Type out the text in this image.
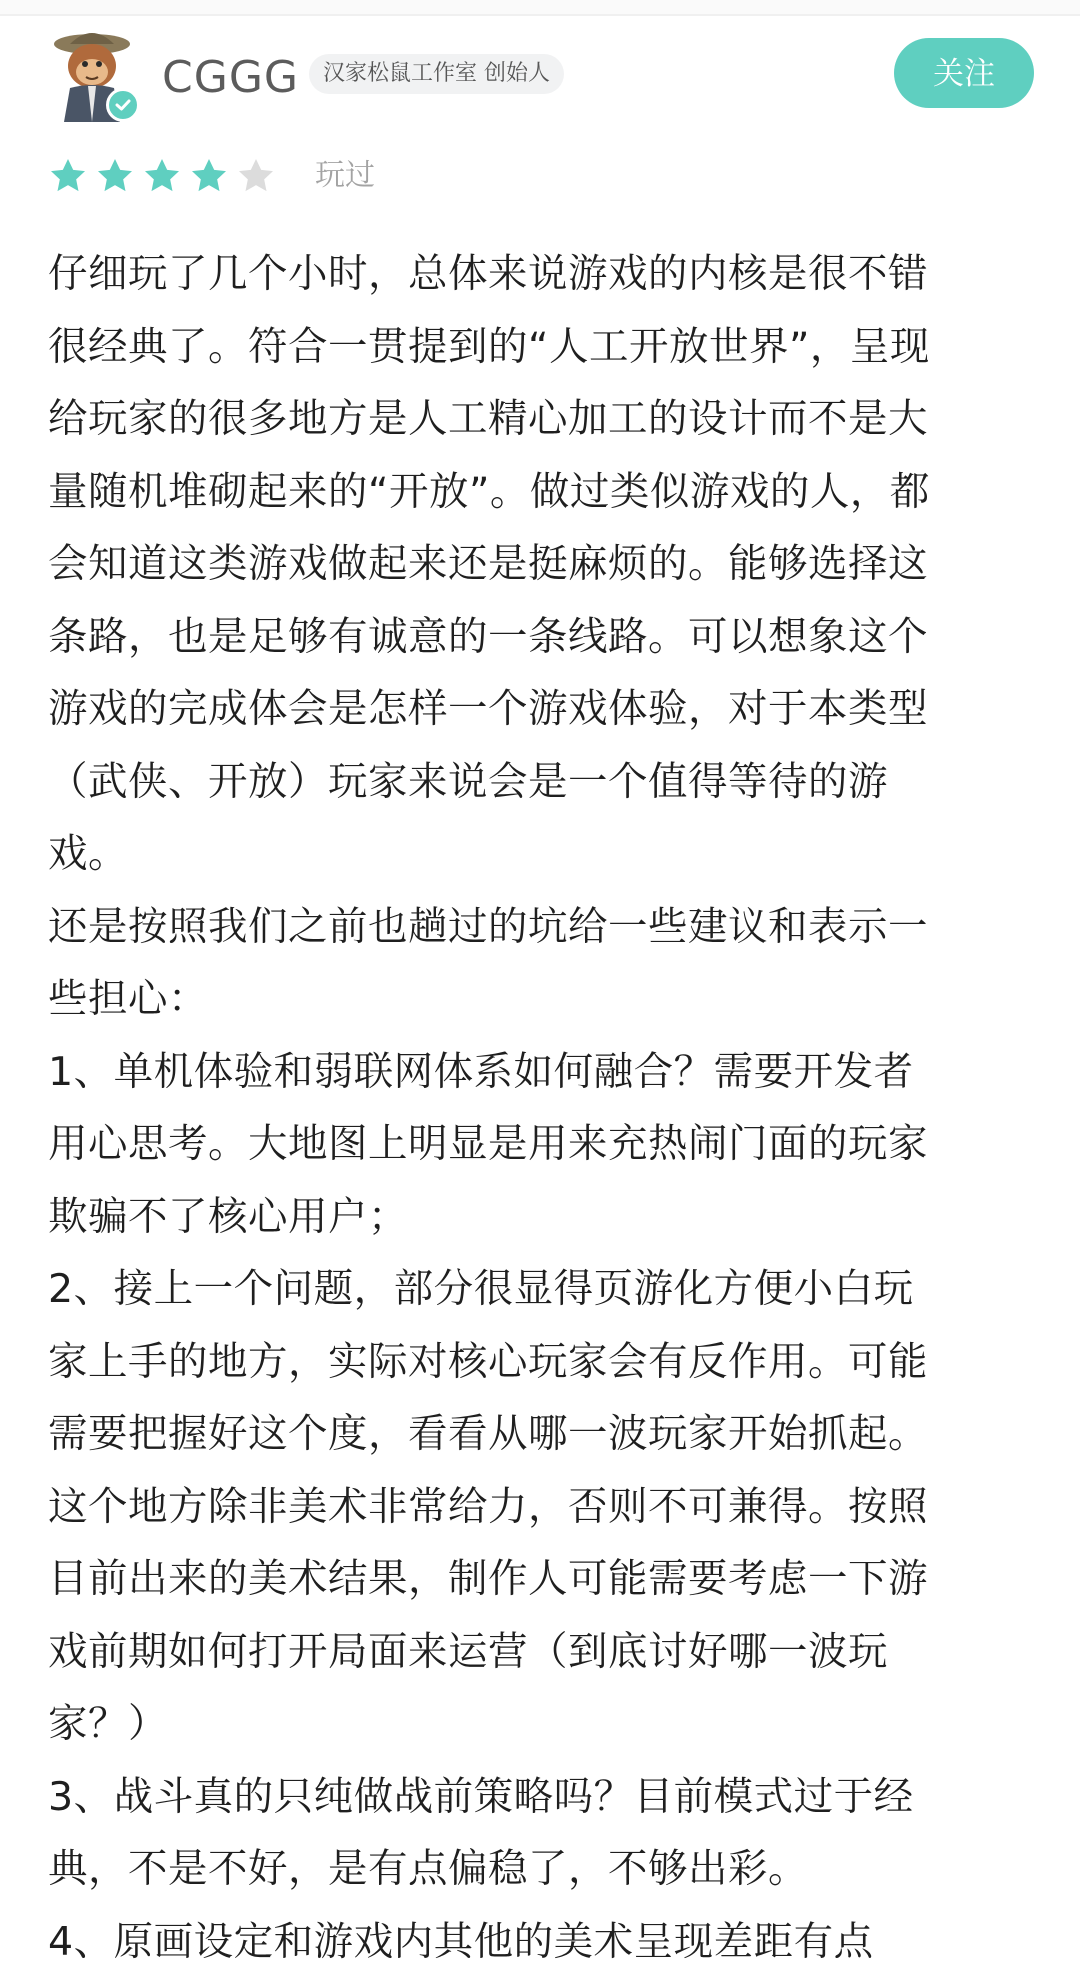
CGGG	汉家松鼠工作室 创始人	关注
玩过
仔细玩了几个小时，总体来说游戏的内核是很不错
很经典了。符合一贯提到的“人工开放世界”，呈现
给玩家的很多地方是人工精心加工的设计而不是大
量随机堆砌起来的“开放”。做过类似游戏的人，都
会知道这类游戏做起来还是挺麻烦的。能够选择这
条路，也是足够有诚意的一条线路。可以想象这个
游戏的完成体会是怎样一个游戏体验，对于本类型
（武侠、开放）玩家来说会是一个值得等待的游
戏。
还是按照我们之前也趟过的坑给一些建议和表示一
些担心：
1、单机体验和弱联网体系如何融合？需要开发者
用心思考。大地图上明显是用来充热闹门面的玩家
欺骗不了核心用户；
2、接上一个问题，部分很显得页游化方便小白玩
家上手的地方，实际对核心玩家会有反作用。可能
需要把握好这个度，看看从哪一波玩家开始抓起。
这个地方除非美术非常给力，否则不可兼得。按照
目前出来的美术结果，制作人可能需要考虑一下游
戏前期如何打开局面来运营（到底讨好哪一波玩
家？）
3、战斗真的只纯做战前策略吗？目前模式过于经
典，不是不好，是有点偏稳了，不够出彩。
4、原画设定和游戏内其他的美术呈现差距有点
